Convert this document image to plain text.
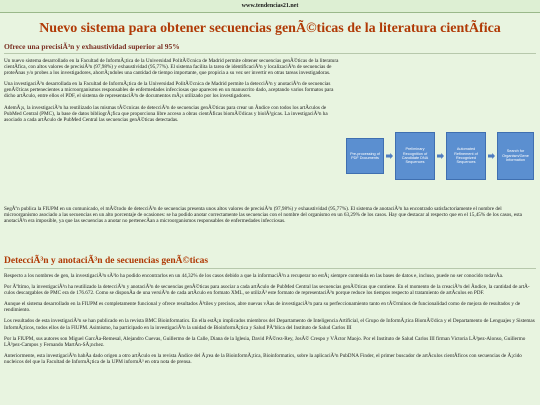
www.tendencias21.net
Nuevo sistema para obtener secuencias genÃ©ticas de la literatura cientÃfica
Ofrece una precisiÃ³n y exhaustividad superior al 95%

Un nuevo sistema desarrollado en la Facultad de InformÃ¡tica de la Universidad PolitÃ©cnica de Madrid permite obtener secuencias genÃ©ticas de la literatura cientÃfica, con altos valores de precisiÃ³n (97,98%) y exhaustividad (95,77%). El sistema facilita la tarea de identificaciÃ³n y localizaciÃ³n de secuencias de proteÃnas y/o probes a los investigadores, ahorrÃ¡ndoles una cantidad de tiempo importante, que propicia a su vez ser invertir en otras tareas investigadoras.

Una investigaciÃ³n desarrollada en la Facultad de InformÃ¡tica de la Universidad PolitÃ©cnica de Madrid permite la detecciÃ³n y anotaciÃ³n de secuencias genÃ©ticas pertenecientes a microorganismos responsables de enfermedades infecciosas que aparecen en un manuscrito dado, aceptando varios formatos para dicho artÃculo, entre ellos el PDF, el sistema de representaciÃ³n de documentos mÃ¡s utilizado por los investigadores.

AdemÃ¡s, la investigaciÃ³n ha reutilizado las mismas tÃ©cnicas de detecciÃ³n de secuencias genÃ©ticas para crear un Ãndice con todos los artÃculos de PubMed Central (PMC), la base de datos bibliogrÃ¡fica que proporciona libre acceso a obras cientÃficas biomÃ©dicas y biolÃ³gicas. La investigaciÃ³n ha asociado a cada artÃculo de PubMed Central las secuencias genÃ©ticas detectadas.

Pre-processing of PDF Documents
Preliminary Recognition of Candidate DNA Sequences
Automated Refinement of Recognized Sequences
Search for Organism/Gene Information

SegÃºn publica la FIUPM en un comunicado, el mÃ©todo de detecciÃ³n de secuencias presenta unos altos valores de precisiÃ³n (97,98%) y exhaustividad (95,77%). El sistema de anotaciÃ³n ha encontrado satisfactoriamente el nombre del microorganismo asociado a las secuencias en un alto porcentaje de ocasiones: se ha podido anotar correctamente las secuencias con el nombre del organismo en un 63,29% de los casos. Hay que destacar al respecto que en el 15,45% de los casos, esta anotaciÃ³n era imposible, ya que las secuencias a anotar no pertenecÃan a microorganismos responsables de enfermedades infecciosas.

DetecciÃ³n y anotaciÃ³n de secuencias genÃ©ticas

Respecto a los nombres de gen, la investigaciÃ³n sÃ³lo ha podido encontrarlos en un 44,32% de los casos debido a que la informaciÃ³n a recuperar no estÃ¡ siempre contenida en las bases de datos e, incluso, puede no ser conocido todavÃa.

Por Ãºltimo, la investigaciÃ³n ha reutilizado la detecciÃ³n y anotaciÃ³n de secuencias genÃ©ticas para asociar a cada artÃculo de PubMed Central las secuencias genÃ©ticas que contiene. En el momento de la creaciÃ³n del Ãndice, la cantidad de artÃculos descargables de PMC era de 176.672. Como se disponÃa de una versiÃ³n de cada artÃculo en formato XML, se utilizÃ³ este formato de representaciÃ³n porque reduce los tiempos respecto al tratamiento de artÃculos en PDF.

Aunque el sistema desarrollado en la FIUPM es completamente funcional y ofrece resultados Ã³tiles y precisos, abre nuevas vÃas de investigaciÃ³n para su perfeccionamiento tanto en tÃ©rminos de funcionalidad como de mejora de resultados y de rendimiento.

Los resultados de esta investigaciÃ³n se han publicado en la revista BMC Bioinformatics. En ella estÃ¡n implicados miembros del Departamento de Inteligencia Artificial, el Grupo de InformÃ¡tica BiomÃ©dica y el Departamento de Lenguajes y Sistemas InformÃ¡ticos, todos ellos de la FIUPM. Asimismo, ha participado en la investigaciÃ³n la unidad de BioinformÃ¡tica y Salud PÃºblica del Instituto de Salud Carlos III

Por la FIUPM, sus autores son Miguel GarcÃa-Remesal, Alejandro Cuevas, Guillermo de la Calle, Diana de la Iglesia, David PÃ©rez-Rey, JosÃ© Crespo y VÃctor Maojo. Por el Instituto de Salud Carlos III firman Victoria LÃ³pez-Alonso, Guillermo LÃ³pez-Campos y Fernando MartÃn-SÃ¡nchez.

Anteriormente, esta investigaciÃ³n habÃa dado origen a otro artÃculo en la revista Ãndice del Ã¡rea de la BioinformÃ¡tica, Bioinformatics, sobre la aplicaciÃ³n PubDNA Finder, el primer buscador de artÃculos cientÃficos con secuencias de Ã¡cido nucleicos del que la Facultad de InformÃ¡tica de la UPM informÃ³ en otra nota de prensa.
